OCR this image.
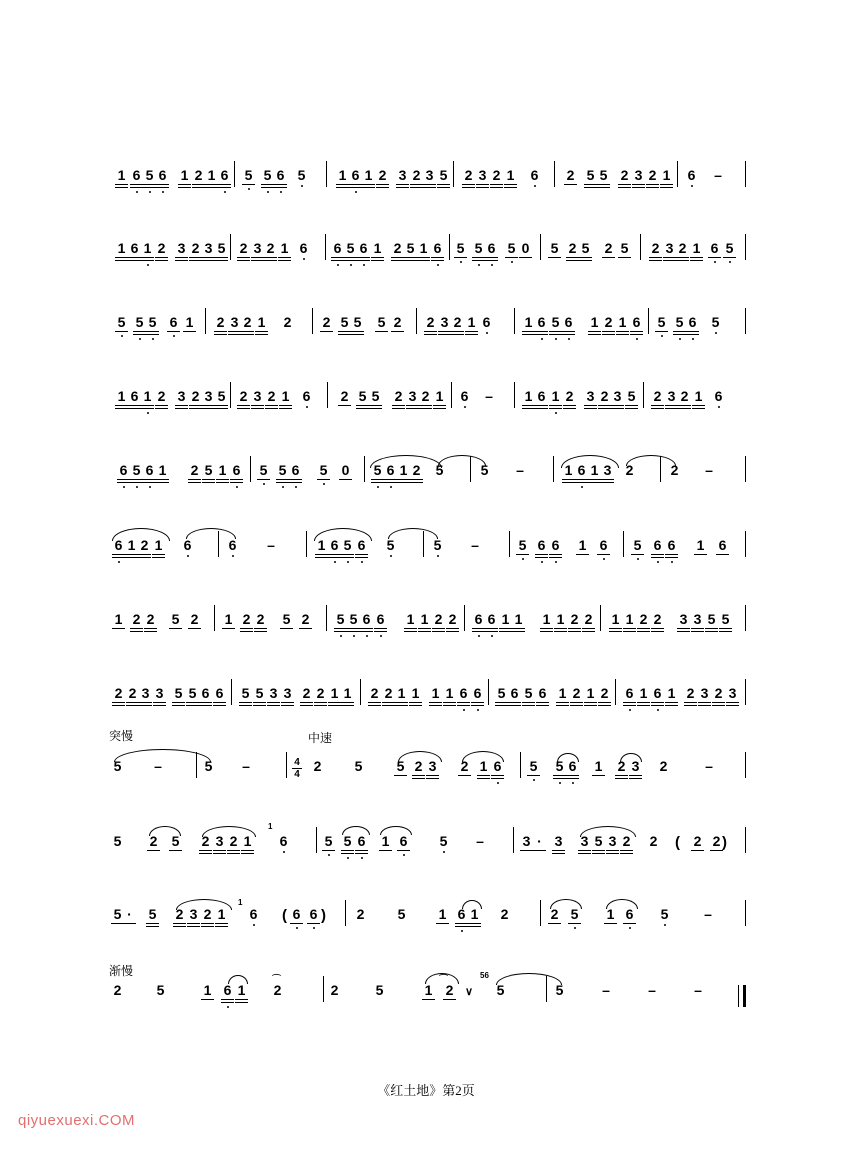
突慢	中速
渐慢
4
4
1
1
56
(	)
( )
∨
⌒
⌒
1 6 5 6 1 2 1 6 5 5 6 5 1 6 1 2 3 2 3 5 2 3 2 1 6 2 5 5 2 3 2 1 6 –
1 6 1 2 3 2 3 5 2 3 2 1 6 6 5 6 1 2 5 1 6 5 5 6 5 0 5 2 5 2 5 2 3 2 1 6 5
5 5 5 6 1 2 3 2 1 2 2 5 5 5 2 2 3 2 1 6 1 6 5 6 1 2 1 6 5 5 6 5
1 6 1 2 3 2 3 5 2 3 2 1 6 2 5 5 2 3 2 1 6 – 1 6 1 2 3 2 3 5 2 3 2 1 6
6 5 6 1 2 5 1 6 5 5 6 5 0 5 6 1 2 5	5 –	1 6 1 3 2	2 –
6 1 2 1 6	6 –	1 6 5 6 5	5 –	5 6 6 1 6 5 6 6 1 6
1 2 2 5 2 1 2 2 5 2 5 5 6 6 1 1 2 2 6 6 1 1 1 1 2 2 1 1 2 2 3 3 5 5
2 2 3 3 5 5 6 6 5 5 3 3 2 2 1 1 2 2 1 1 1 1 6 6 5 6 5 6 1 2 1 2 6 1 6 1 2 3 2 3
5 –	5 –	2 5 5 2 3 2 1 6 5 5 6 1 2 3 2	–
5 2 5 2 3 2 1 6	5 5 6 1 6 5 –	3 · 3 3 5 3 2 2	2 2
5 · 5 2 3 2 1 6	6 6	2 5 1 6 1 2	2 5 1 6 5	–
2	5	1 6 1 2	2	5	1 2	5	5	–	–	–
《红土地》第2页
qiyuexuexi.COM
